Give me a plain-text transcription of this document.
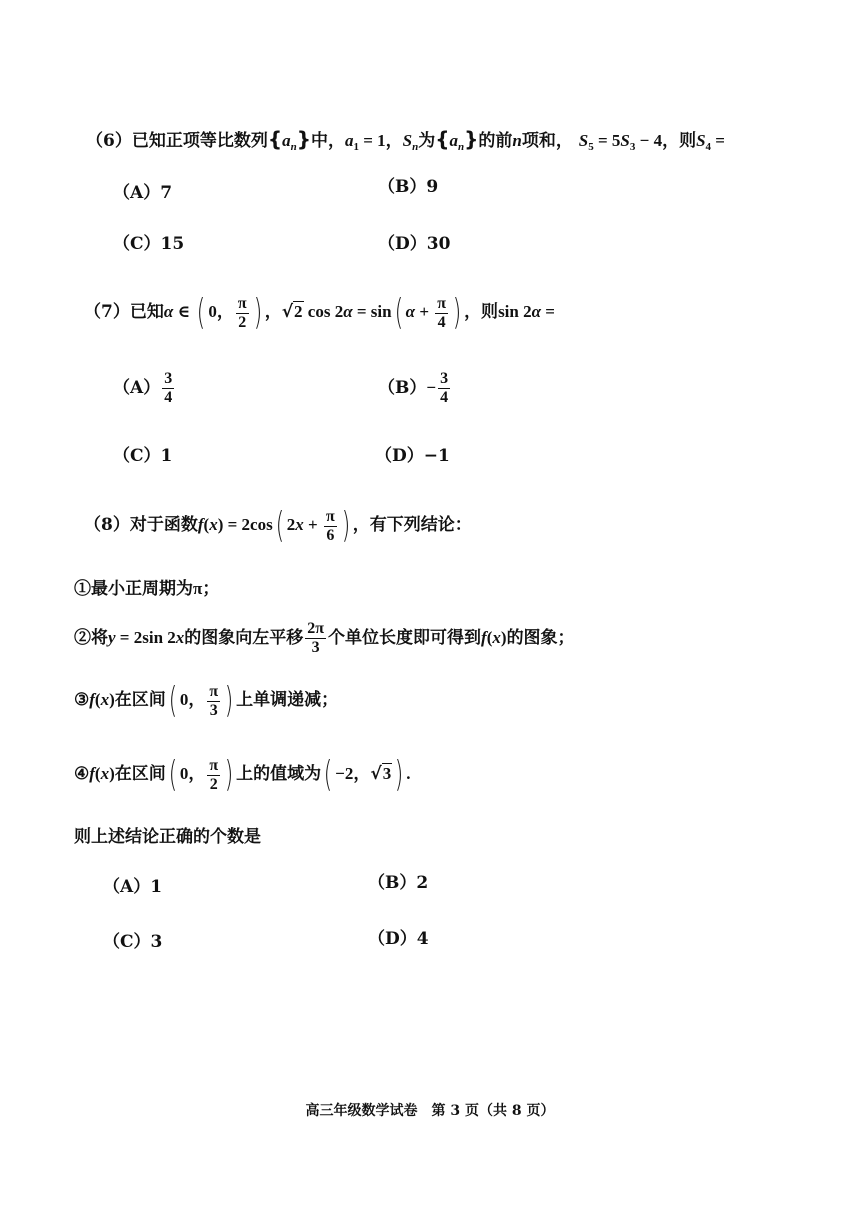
（6）已知正项等比数列$\{a_n\}$中，$a_1 = 1$，$S_n$为$\{a_n\}$的前n项和， $S_5 = 5S_3 - 4$，则$S_4$ =
（A）7	（B）9
（C）15	（D）30
（7）已知α ∈ ( 0， $\frac{\pi}{2}$ ) ，√2 cos 2α = sin( $\alpha + \frac{\pi}{4}$ ) ，则sin 2α =
$(A) \frac{3}{4}$	$(B)- \frac{3}{4}$
（C）1	（D）−1
（8）对于函数f(x) = 2cos( $2x + \frac{\pi}{6}$ ) ，有下列结论：
①最小正周期为π；
②将y = 2sin 2x的图象向左平移 $\frac{2\pi}{3}$ 个单位长度即可得到f(x)的图象；
③f(x)在区间( 0， $\frac{\pi}{3}$ ) 上单调递减；
④f(x)在区间( 0， $\frac{\pi}{2}$ ) 上的值域为( −2，√3 ) .
则上述结论正确的个数是
（A）1	（B）2
（C）3	（D）4
高三年级数学试卷　第 3 页（共 8 页）
